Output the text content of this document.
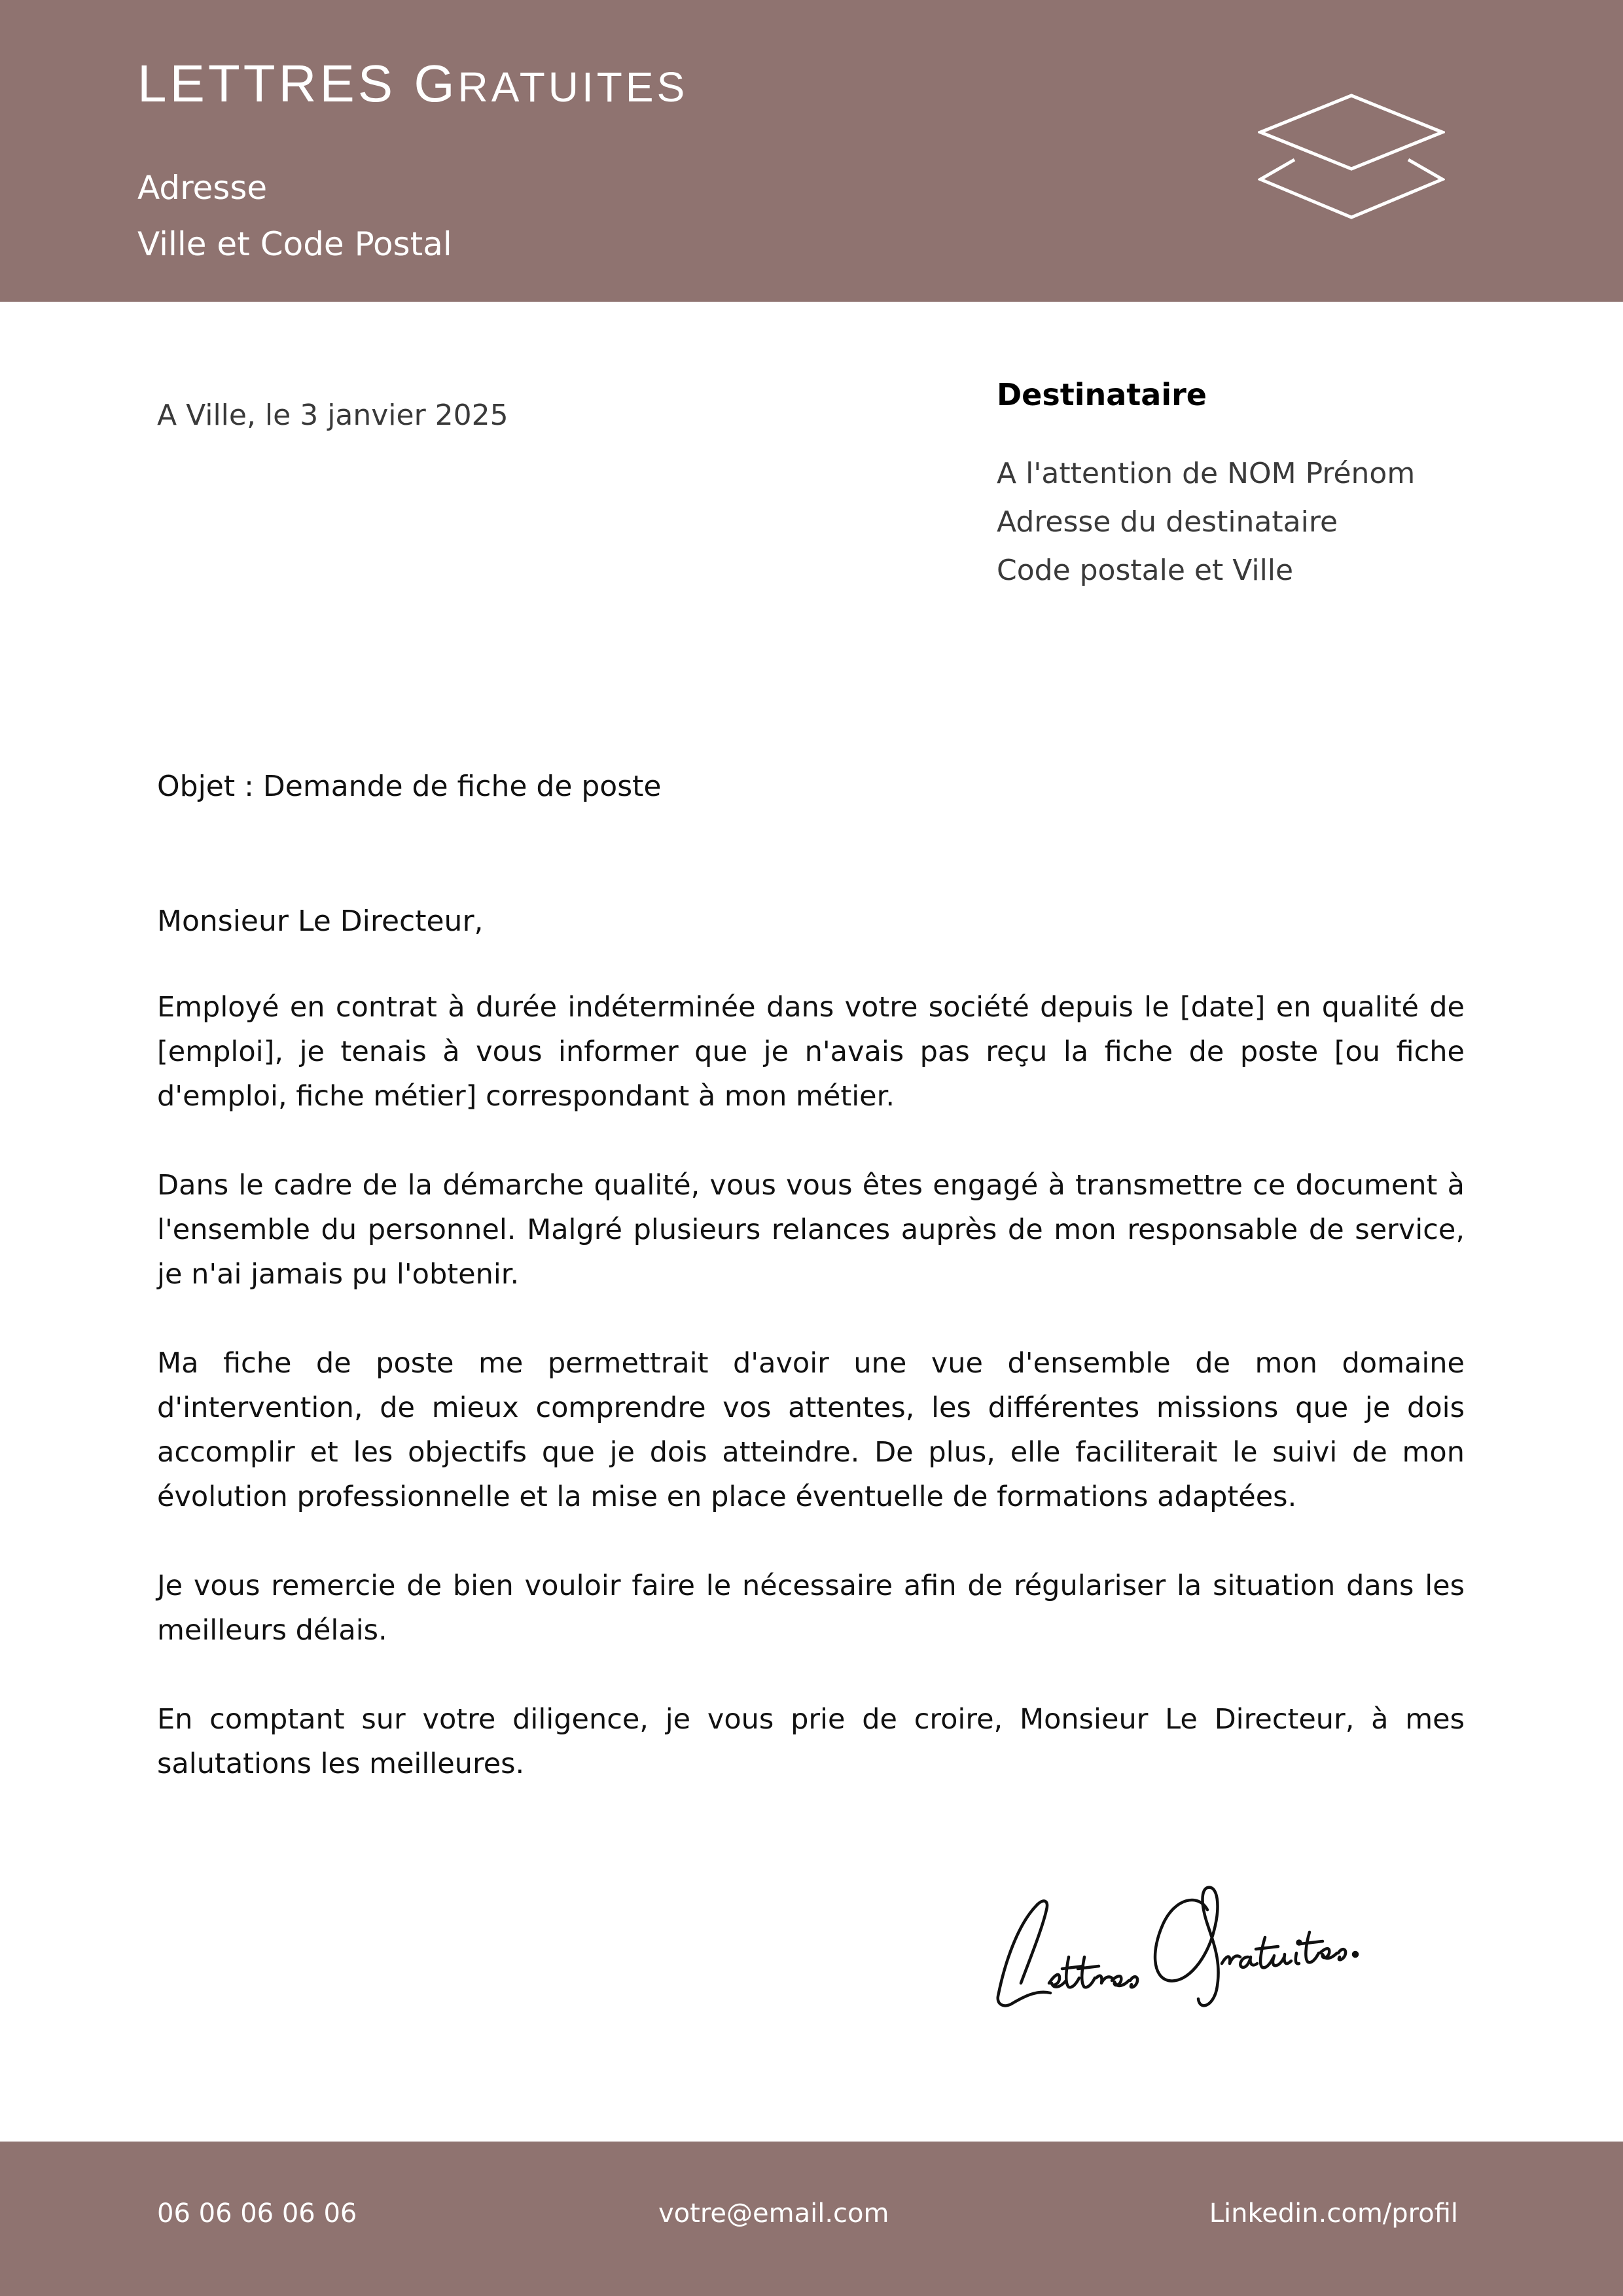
LETTRES GRATUITES
Adresse
Ville et Code Postal
A Ville, le 3 janvier 2025
Destinataire
A l'attention de NOM Prénom
Adresse du destinataire
Code postale et Ville
Objet : Demande de fiche de poste
Monsieur Le Directeur,

Employé en contrat à durée indéterminée dans votre société depuis le [date] en qualité de [emploi], je tenais à vous informer que je n'avais pas reçu la fiche de poste [ou fiche d'emploi, fiche métier] correspondant à mon métier.

Dans le cadre de la démarche qualité, vous vous êtes engagé à transmettre ce document à l'ensemble du personnel. Malgré plusieurs relances auprès de mon responsable de service, je n'ai jamais pu l'obtenir.

Ma fiche de poste me permettrait d'avoir une vue d'ensemble de mon domaine d'intervention, de mieux comprendre vos attentes, les différentes missions que je dois accomplir et les objectifs que je dois atteindre. De plus, elle faciliterait le suivi de mon évolution professionnelle et la mise en place éventuelle de formations adaptées.

Je vous remercie de bien vouloir faire le nécessaire afin de régulariser la situation dans les meilleurs délais.

En comptant sur votre diligence, je vous prie de croire, Monsieur Le Directeur, à mes salutations les meilleures.

06 06 06 06 06	votre@email.com	Linkedin.com/profil
